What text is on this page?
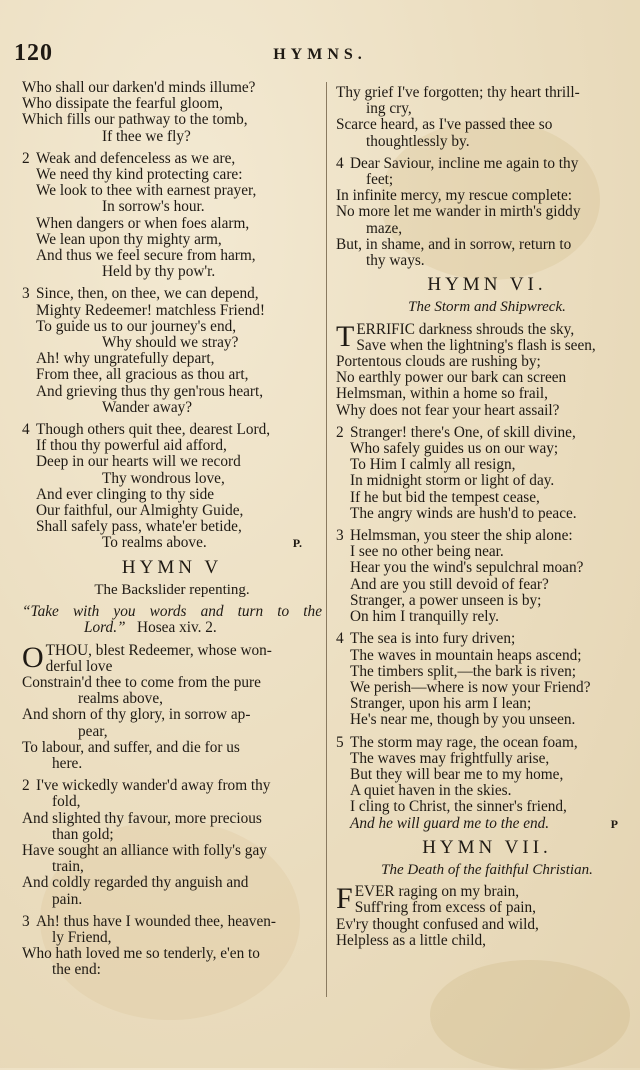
120	HYMNS.
Who shall our darken'd minds illume?
Who dissipate the fearful gloom,
Which fills our pathway to the tomb,
If thee we fly?
2 Weak and defenceless as we are,
We need thy kind protecting care:
We look to thee with earnest prayer,
In sorrow's hour.
When dangers or when foes alarm,
We lean upon thy mighty arm,
And thus we feel secure from harm,
Held by thy pow'r.
3 Since, then, on thee, we can depend,
Mighty Redeemer! matchless Friend!
To guide us to our journey's end,
Why should we stray?
Ah! why ungratefully depart,
From thee, all gracious as thou art,
And grieving thus thy gen'rous heart,
Wander away?
4 Though others quit thee, dearest Lord,
If thou thy powerful aid afford,
Deep in our hearts will we record
Thy wondrous love,
And ever clinging to thy side
Our faithful, our Almighty Guide,
Shall safely pass, whate'er betide,
To realms above.	P.
HYMN V
The Backslider repenting.
“Take with you words and turn to the
Lord.” Hosea xiv. 2.
OTHOU, blest Redeemer, whose won-
derful love
Constrain'd thee to come from the pure
realms above,
And shorn of thy glory, in sorrow ap-
pear,
To labour, and suffer, and die for us
here.
2 I've wickedly wander'd away from thy
fold,
And slighted thy favour, more precious
than gold;
Have sought an alliance with folly's gay
train,
And coldly regarded thy anguish and
pain.
3 Ah! thus have I wounded thee, heaven-
ly Friend,
Who hath loved me so tenderly, e'en to
the end:
Thy grief I've forgotten; thy heart thrill-
ing cry,
Scarce heard, as I've passed thee so
thoughtlessly by.
4 Dear Saviour, incline me again to thy
feet;
In infinite mercy, my rescue complete:
No more let me wander in mirth's giddy
maze,
But, in shame, and in sorrow, return to
thy ways.
HYMN VI.
The Storm and Shipwreck.
TERRIFIC darkness shrouds the sky,
Save when the lightning's flash is seen,
Portentous clouds are rushing by;
No earthly power our bark can screen
Helmsman, within a home so frail,
Why does not fear your heart assail?
2 Stranger! there's One, of skill divine,
Who safely guides us on our way;
To Him I calmly all resign,
In midnight storm or light of day.
If he but bid the tempest cease,
The angry winds are hush'd to peace.
3 Helmsman, you steer the ship alone:
I see no other being near.
Hear you the wind's sepulchral moan?
And are you still devoid of fear?
Stranger, a power unseen is by;
On him I tranquilly rely.
4 The sea is into fury driven;
The waves in mountain heaps ascend;
The timbers split,—the bark is riven;
We perish—where is now your Friend?
Stranger, upon his arm I lean;
He's near me, though by you unseen.
5 The storm may rage, the ocean foam,
The waves may frightfully arise,
But they will bear me to my home,
A quiet haven in the skies.
I cling to Christ, the sinner's friend,
And he will guard me to the end.	P
HYMN VII.
The Death of the faithful Christian.
FEVER raging on my brain,
Suff'ring from excess of pain,
Ev'ry thought confused and wild,
Helpless as a little child,
